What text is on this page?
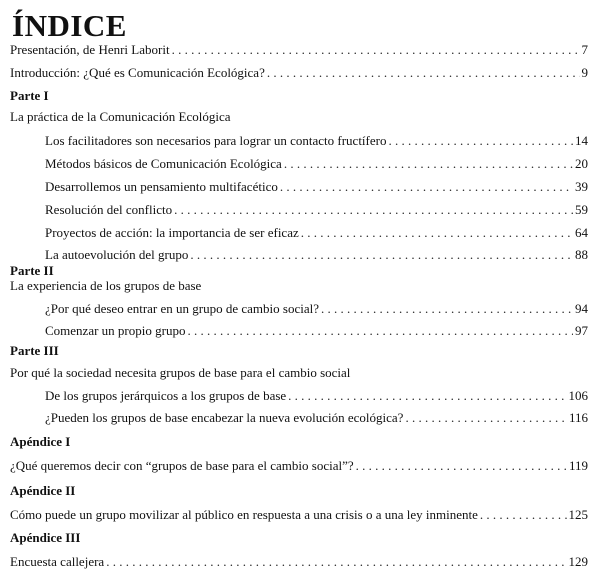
ÍNDICE
Presentación, de Henri Laborit . . .	7
Introducción: ¿Qué es Comunicación Ecológica? . . .	9
Parte I
La práctica de la Comunicación Ecológica
Los facilitadores son necesarios para lograr un contacto fructífero . . .	14
Métodos básicos de Comunicación Ecológica . . .	20
Desarrollemos un pensamiento multifacético . . .	39
Resolución del conflicto . . .	59
Proyectos de acción: la importancia de ser eficaz . . .	64
La autoevolución del grupo . . .	88
Parte II
La experiencia de los grupos de base
¿Por qué deseo entrar en un grupo de cambio social? . . .	94
Comenzar un propio grupo . . .	97
Parte III
Por qué la sociedad necesita grupos de base para el cambio social
De los grupos jerárquicos a los grupos de base . . .	106
¿Pueden los grupos de base encabezar la nueva evolución ecológica? . . .	116
Apéndice I
¿Qué queremos decir con “grupos de base para el cambio social”? . . .	119
Apéndice II
Cómo puede un grupo movilizar al público en respuesta a una crisis o a una ley inminente . . .	125
Apéndice III
Encuesta callejera . . .	129
